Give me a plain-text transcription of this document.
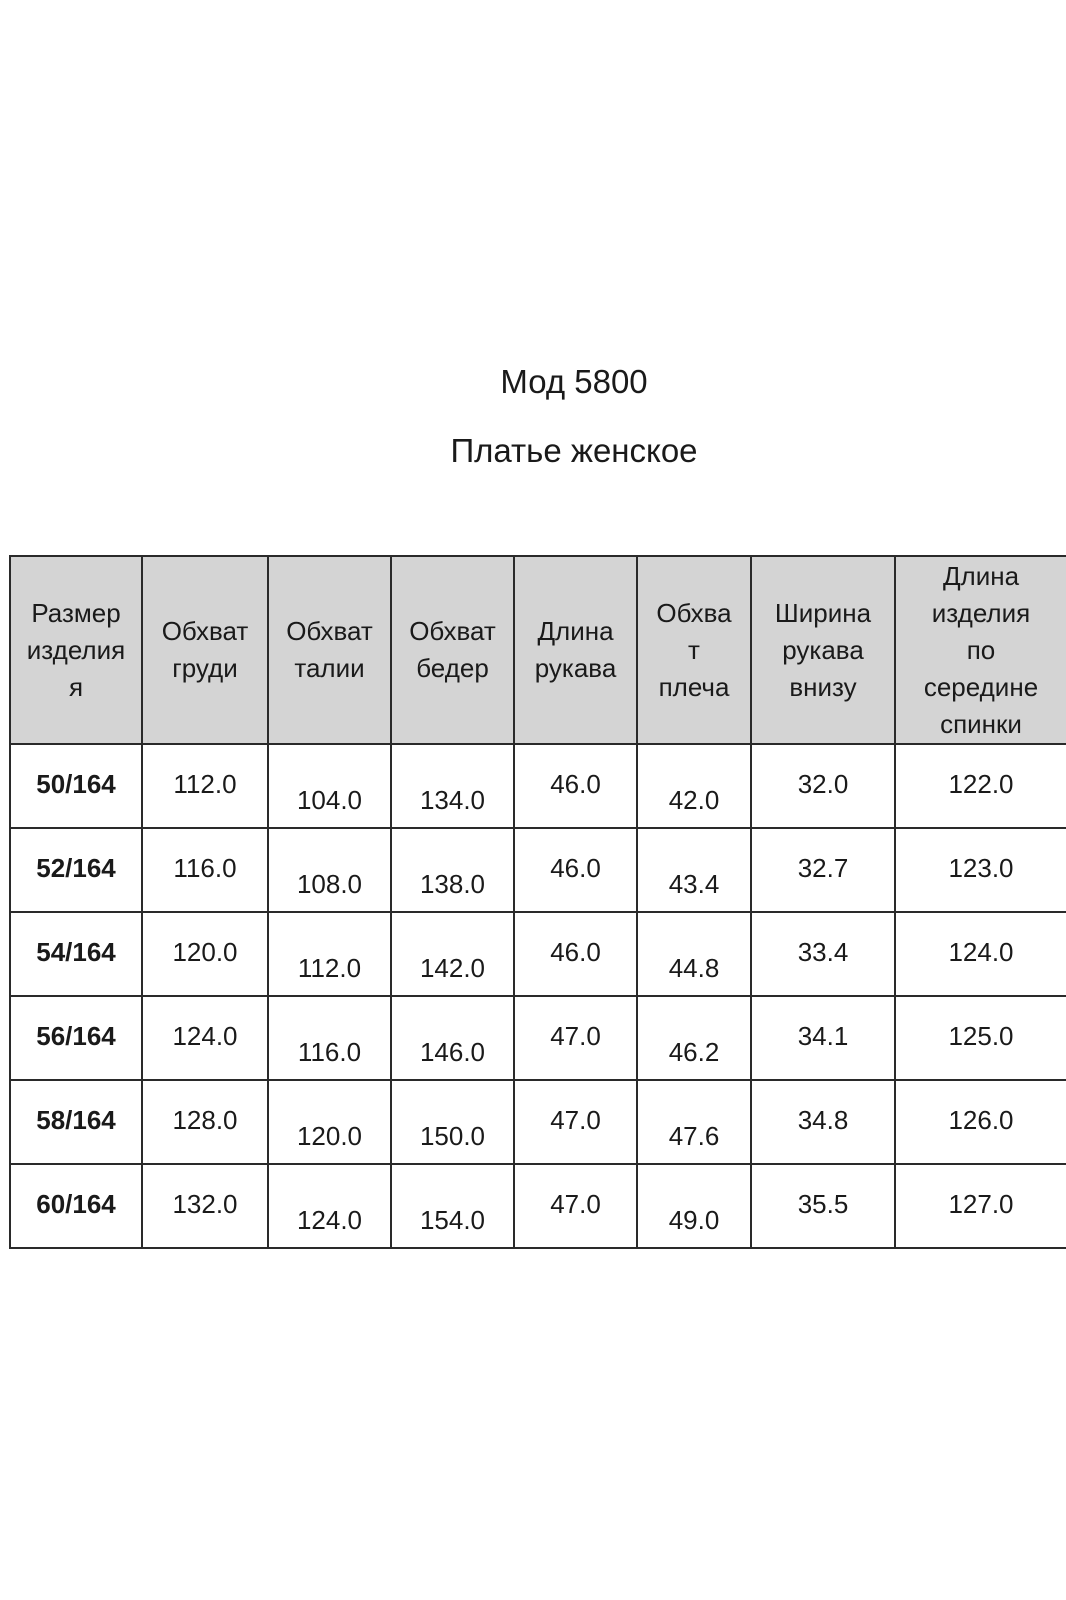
Мод 5800
Платье женское
Размер
изделия
я	Обхват
груди	Обхват
талии	Обхват
бедер	Длина
рукава	Обхва
т
плеча	Ширина
рукава
внизу	Длина
изделия
по
середине
спинки

50/164	112.0	104.0	134.0	46.0	42.0	32.0	122.0

52/164	116.0	108.0	138.0	46.0	43.4	32.7	123.0

54/164	120.0	112.0	142.0	46.0	44.8	33.4	124.0

56/164	124.0	116.0	146.0	47.0	46.2	34.1	125.0

58/164	128.0	120.0	150.0	47.0	47.6	34.8	126.0

60/164	132.0	124.0	154.0	47.0	49.0	35.5	127.0
